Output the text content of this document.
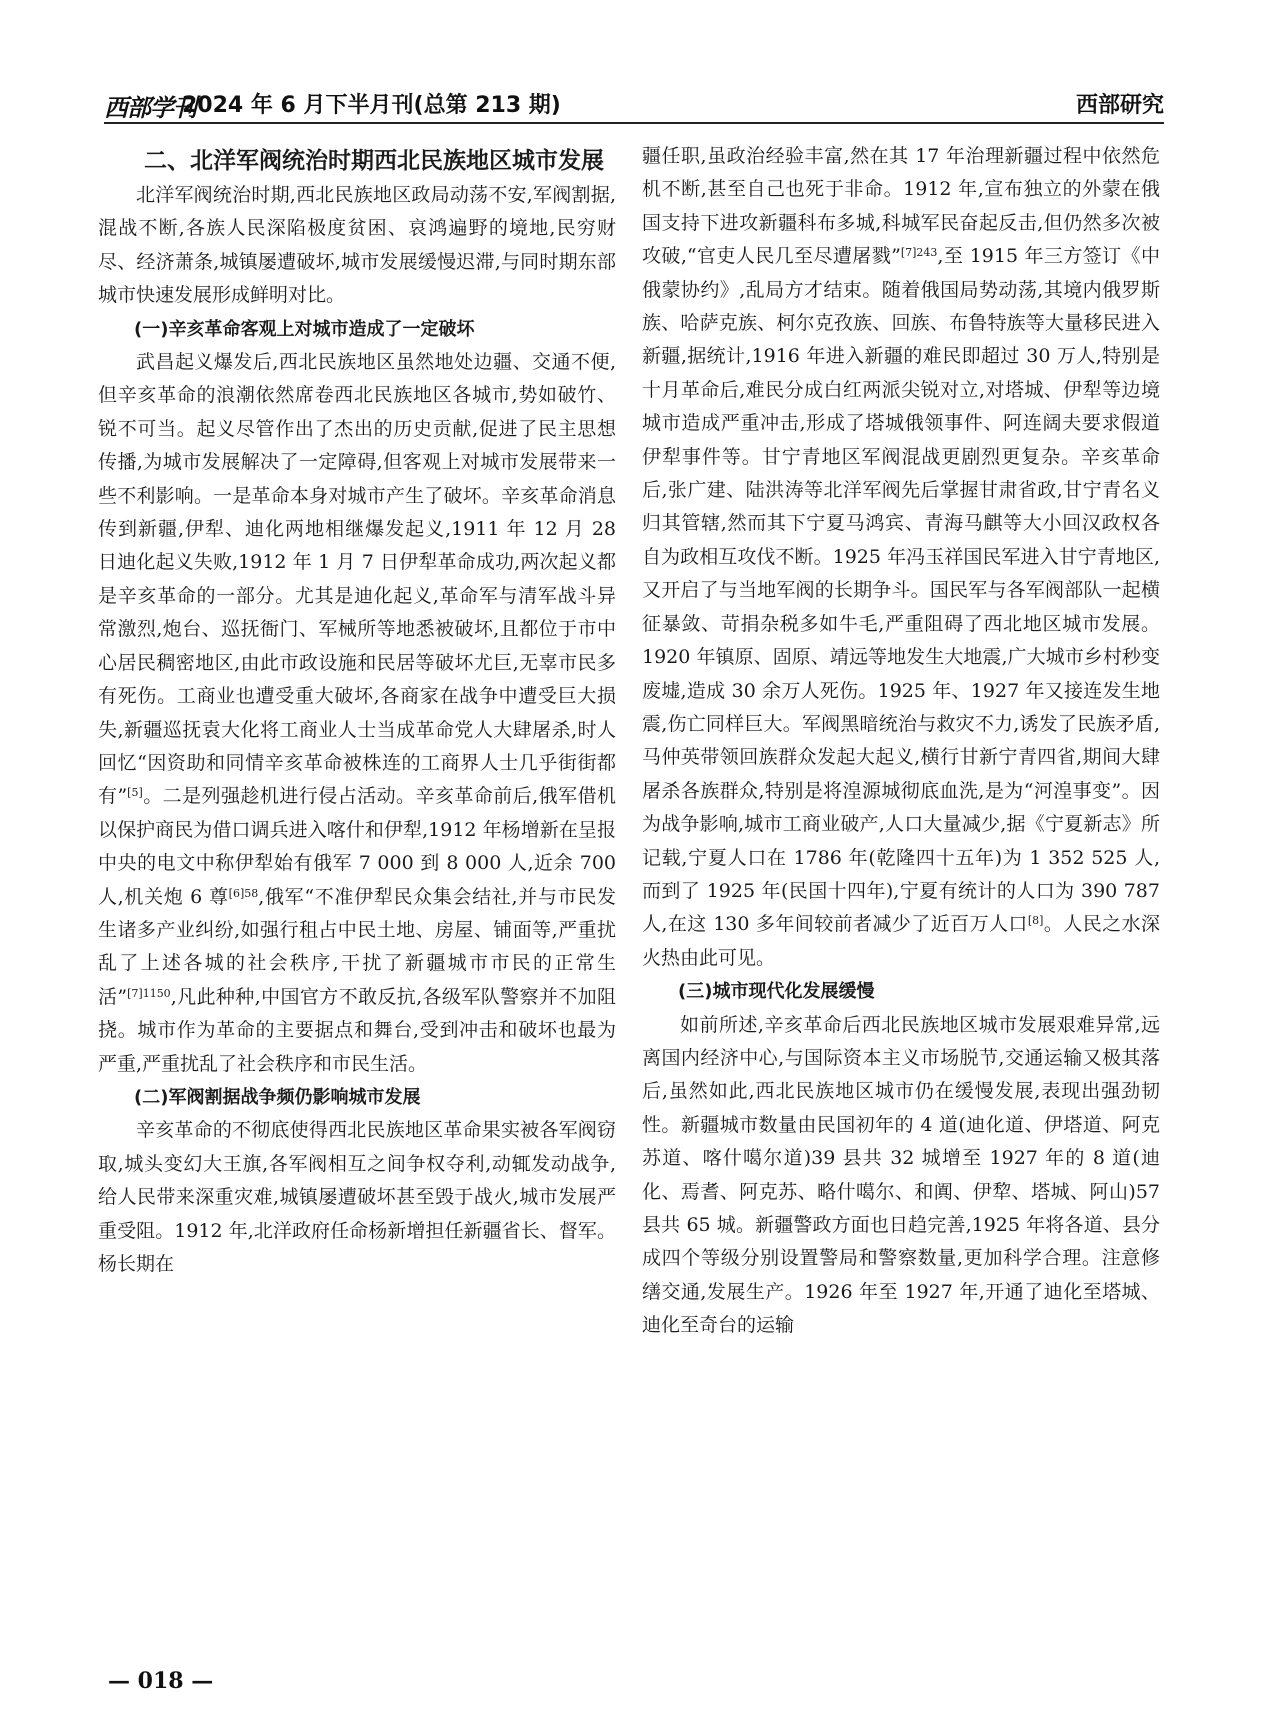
西部学刊
2024 年 6 月下半月刊(总第 213 期)	西部研究
二、北洋军阀统治时期西北民族地区城市发展

北洋军阀统治时期,西北民族地区政局动荡不安,军阀割据,混战不断,各族人民深陷极度贫困、哀鸿遍野的境地,民穷财尽、经济萧条,城镇屡遭破坏,城市发展缓慢迟滞,与同时期东部城市快速发展形成鲜明对比。

(一)辛亥革命客观上对城市造成了一定破坏

武昌起义爆发后,西北民族地区虽然地处边疆、交通不便,但辛亥革命的浪潮依然席卷西北民族地区各城市,势如破竹、锐不可当。起义尽管作出了杰出的历史贡献,促进了民主思想传播,为城市发展解决了一定障碍,但客观上对城市发展带来一些不利影响。一是革命本身对城市产生了破坏。辛亥革命消息传到新疆,伊犁、迪化两地相继爆发起义,1911 年 12 月 28 日迪化起义失败,1912 年 1 月 7 日伊犁革命成功,两次起义都是辛亥革命的一部分。尤其是迪化起义,革命军与清军战斗异常激烈,炮台、巡抚衙门、军械所等地悉被破坏,且都位于市中心居民稠密地区,由此市政设施和民居等破坏尤巨,无辜市民多有死伤。工商业也遭受重大破坏,各商家在战争中遭受巨大损失,新疆巡抚袁大化将工商业人士当成革命党人大肆屠杀,时人回忆“因资助和同情辛亥革命被株连的工商界人士几乎街街都有”[5]。二是列强趁机进行侵占活动。辛亥革命前后,俄军借机以保护商民为借口调兵进入喀什和伊犁,1912 年杨增新在呈报中央的电文中称伊犁始有俄军 7 000 到 8 000 人,近余 700 人,机关炮 6 尊$^{[6]58}$,俄军“不准伊犁民众集会结社,并与市民发生诸多产业纠纷,如强行租占中民土地、房屋、铺面等,严重扰乱了上述各城的社会秩序,干扰了新疆城市市民的正常生活”$^{[7]1150}$,凡此种种,中国官方不敢反抗,各级军队警察并不加阻挠。城市作为革命的主要据点和舞台,受到冲击和破坏也最为严重,严重扰乱了社会秩序和市民生活。

(二)军阀割据战争频仍影响城市发展

辛亥革命的不彻底使得西北民族地区革命果实被各军阀窃取,城头变幻大王旗,各军阀相互之间争权夺利,动辄发动战争,给人民带来深重灾难,城镇屡遭破坏甚至毁于战火,城市发展严重受阻。1912 年,北洋政府任命杨新增担任新疆省长、督军。杨长期在

疆任职,虽政治经验丰富,然在其 17 年治理新疆过程中依然危机不断,甚至自己也死于非命。1912 年,宣布独立的外蒙在俄国支持下进攻新疆科布多城,科城军民奋起反击,但仍然多次被攻破,“官吏人民几至尽遭屠戮”$^{[7]243}$,至 1915 年三方签订《中俄蒙协约》,乱局方才结束。随着俄国局势动荡,其境内俄罗斯族、哈萨克族、柯尔克孜族、回族、布鲁特族等大量移民进入新疆,据统计,1916 年进入新疆的难民即超过 30 万人,特别是十月革命后,难民分成白红两派尖锐对立,对塔城、伊犁等边境城市造成严重冲击,形成了塔城俄领事件、阿连阔夫要求假道伊犁事件等。甘宁青地区军阀混战更剧烈更复杂。辛亥革命后,张广建、陆洪涛等北洋军阀先后掌握甘肃省政,甘宁青名义归其管辖,然而其下宁夏马鸿宾、青海马麒等大小回汉政权各自为政相互攻伐不断。1925 年冯玉祥国民军进入甘宁青地区,又开启了与当地军阀的长期争斗。国民军与各军阀部队一起横征暴敛、苛捐杂税多如牛毛,严重阻碍了西北地区城市发展。1920 年镇原、固原、靖远等地发生大地震,广大城市乡村秒变废墟,造成 30 余万人死伤。1925 年、1927 年又接连发生地震,伤亡同样巨大。军阀黑暗统治与救灾不力,诱发了民族矛盾,马仲英带领回族群众发起大起义,横行甘新宁青四省,期间大肆屠杀各族群众,特别是将湟源城彻底血洗,是为“河湟事变”。因为战争影响,城市工商业破产,人口大量减少,据《宁夏新志》所记载,宁夏人口在 1786 年(乾隆四十五年)为 1 352 525 人,而到了 1925 年(民国十四年),宁夏有统计的人口为 390 787 人,在这 130 多年间较前者减少了近百万人口[8]。人民之水深火热由此可见。

(三)城市现代化发展缓慢

如前所述,辛亥革命后西北民族地区城市发展艰难异常,远离国内经济中心,与国际资本主义市场脱节,交通运输又极其落后,虽然如此,西北民族地区城市仍在缓慢发展,表现出强劲韧性。新疆城市数量由民国初年的 4 道(迪化道、伊塔道、阿克苏道、喀什噶尔道)39 县共 32 城增至 1927 年的 8 道(迪化、焉耆、阿克苏、略什噶尔、和阗、伊犂、塔城、阿山)57 县共 65 城。新疆警政方面也日趋完善,1925 年将各道、县分成四个等级分别设置警局和警察数量,更加科学合理。注意修缮交通,发展生产。1926 年至 1927 年,开通了迪化至塔城、迪化至奇台的运输

— 018 —
